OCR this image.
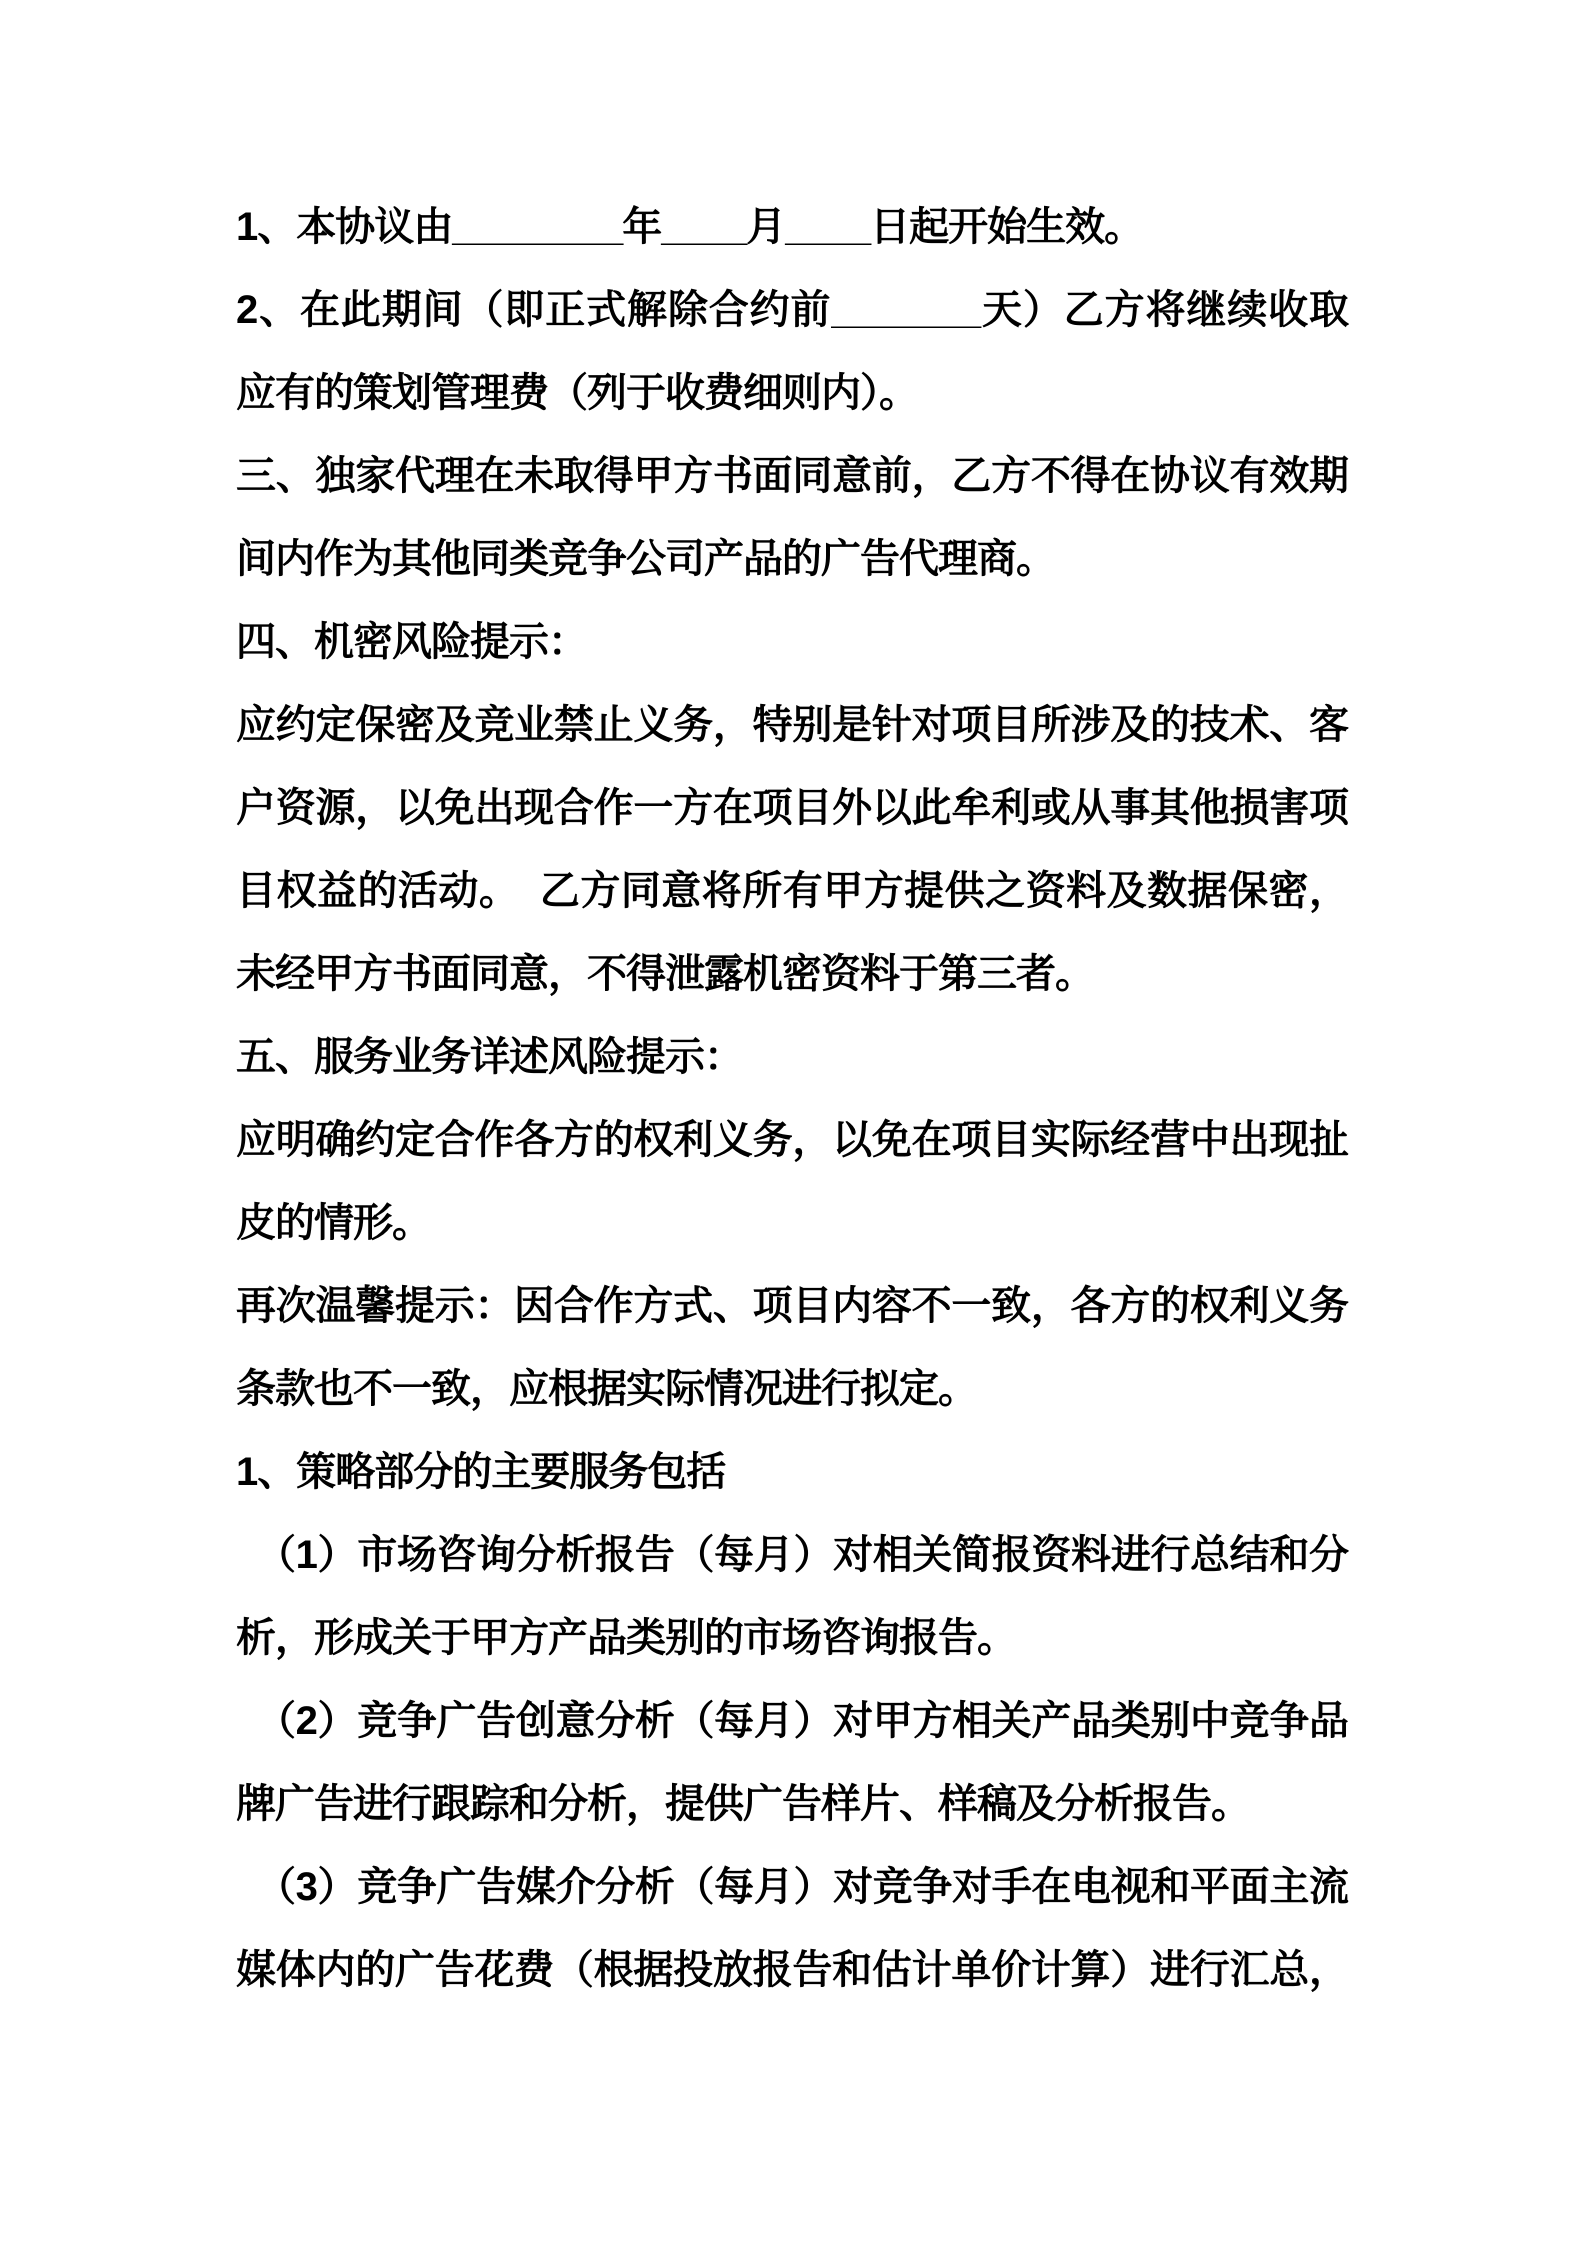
1、本协议由________年____月____日起开始生效。
2、在此期间（即正式解除合约前_______天）乙方将继续收取
应有的策划管理费（列于收费细则内）。
三、独家代理在未取得甲方书面同意前，乙方不得在协议有效期
间内作为其他同类竞争公司产品的广告代理商。
四、机密风险提示：
应约定保密及竞业禁止义务，特别是针对项目所涉及的技术、客
户资源，以免出现合作一方在项目外以此牟利或从事其他损害项
目权益的活动。　乙方同意将所有甲方提供之资料及数据保密，
未经甲方书面同意，不得泄露机密资料于第三者。
五、服务业务详述风险提示：
应明确约定合作各方的权利义务，以免在项目实际经营中出现扯
皮的情形。
再次温馨提示：因合作方式、项目内容不一致，各方的权利义务
条款也不一致，应根据实际情况进行拟定。
1、策略部分的主要服务包括
（1）市场咨询分析报告（每月）对相关简报资料进行总结和分
析，形成关于甲方产品类别的市场咨询报告。
（2）竞争广告创意分析（每月）对甲方相关产品类别中竞争品
牌广告进行跟踪和分析，提供广告样片、样稿及分析报告。
（3）竞争广告媒介分析（每月）对竞争对手在电视和平面主流
媒体内的广告花费（根据投放报告和估计单价计算）进行汇总，
